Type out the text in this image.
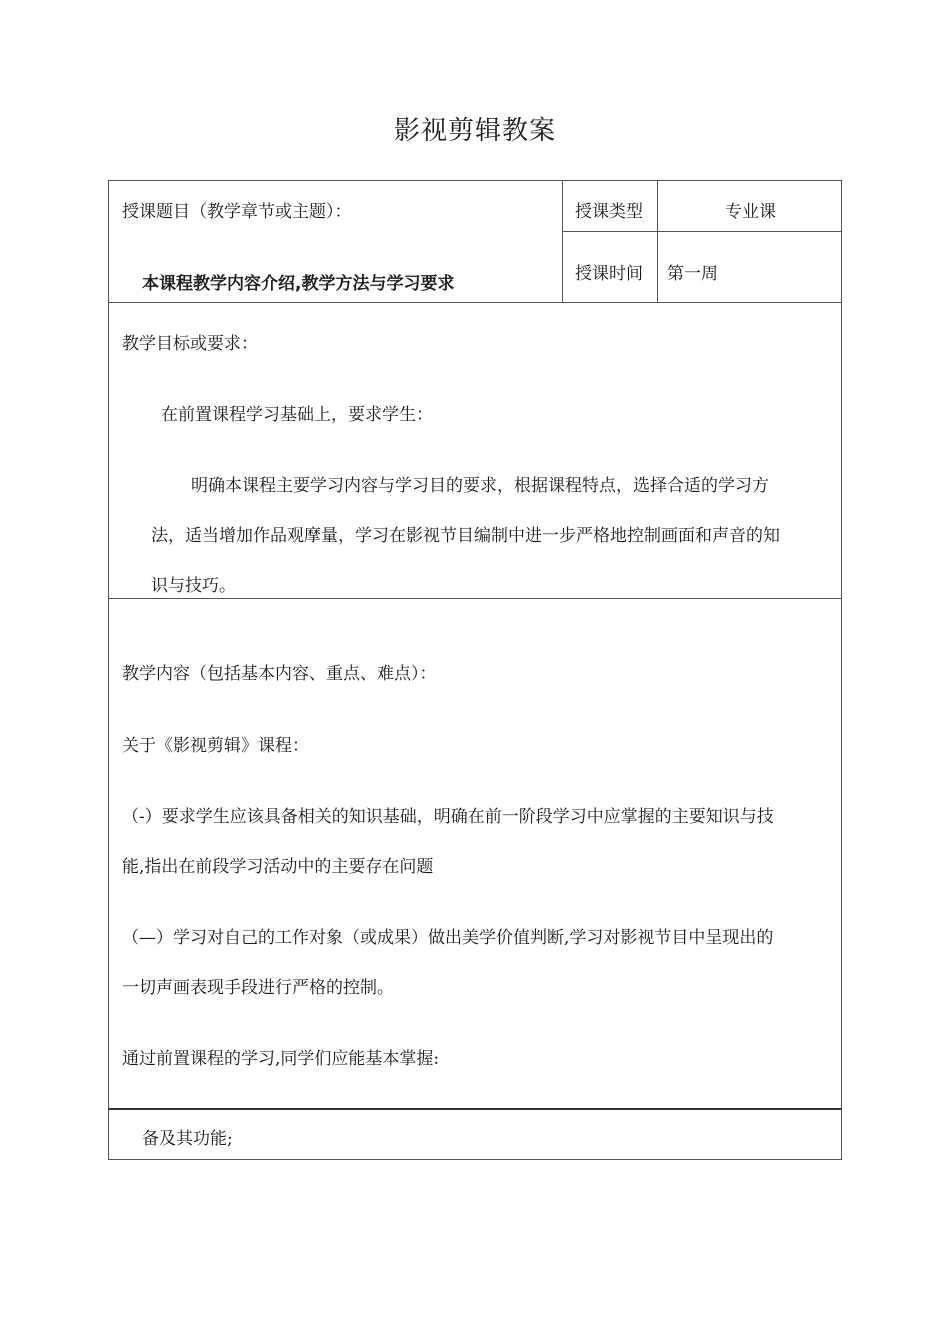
影视剪辑教案
授课题目（教学章节或主题）：
本课程教学内容介绍,教学方法与学习要求
授课类型	专业课
授课时间 第一周
教学目标或要求：
在前置课程学习基础上，要求学生：
明确本课程主要学习内容与学习目的要求，根据课程特点，选择合适的学习方
法，适当增加作品观摩量，学习在影视节目编制中进一步严格地控制画面和声音的知
识与技巧。
教学内容（包括基本内容、重点、难点）：
关于《影视剪辑》课程：
（-）要求学生应该具备相关的知识基础，明确在前一阶段学习中应掌握的主要知识与技
能,指出在前段学习活动中的主要存在问题
（—）学习对自己的工作对象（或成果）做出美学价值判断,学习对影视节目中呈现出的
一切声画表现手段进行严格的控制。
通过前置课程的学习,同学们应能基本掌握:
备及其功能;
